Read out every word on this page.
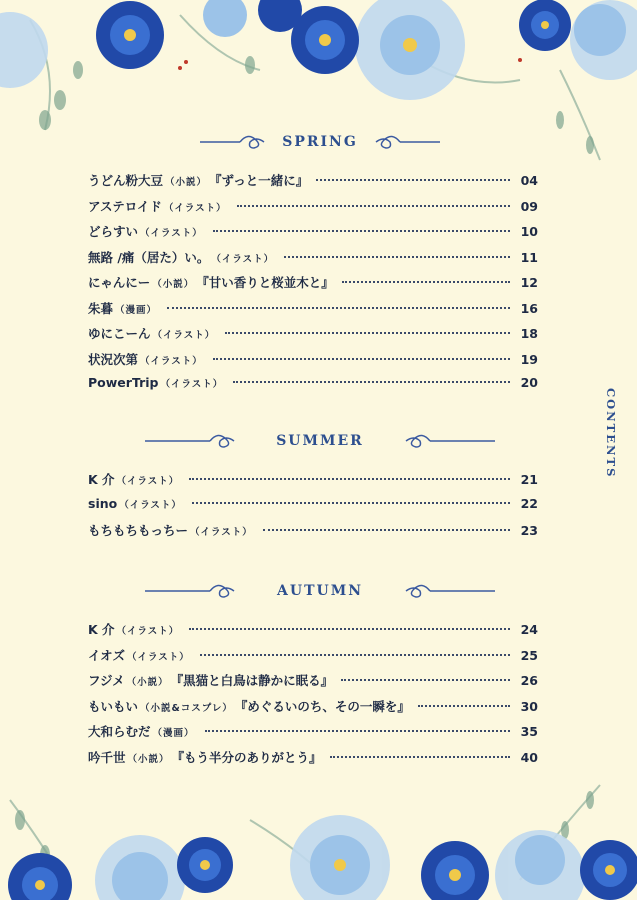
SPRING
SUMMER
AUTUMN
うどん粉大豆 （小説） 『ずっと一緒に』	04
アステロイド （イラスト）	09
どらすい （イラスト）	10
無路 /痛（居た）い。 （イラスト）	11
にゃんにー （小説） 『甘い香りと桜並木と』	12
朱暮 （漫画）	16
ゆにこーん （イラスト）	18
状況次第 （イラスト）	19
PowerTrip （イラスト）	20
K 介 （イラスト）	21
sino （イラスト）	22
もちもちもっちー （イラスト）	23
K 介 （イラスト）	24
イオズ （イラスト）	25
フジメ （小説） 『黒猫と白鳥は静かに眠る』	26
もいもい （小説&コスプレ） 『めぐるいのち、その一瞬を』	30
大和らむだ （漫画）	35
吟千世 （小説） 『もう半分のありがとう』	40
CONTENTS
